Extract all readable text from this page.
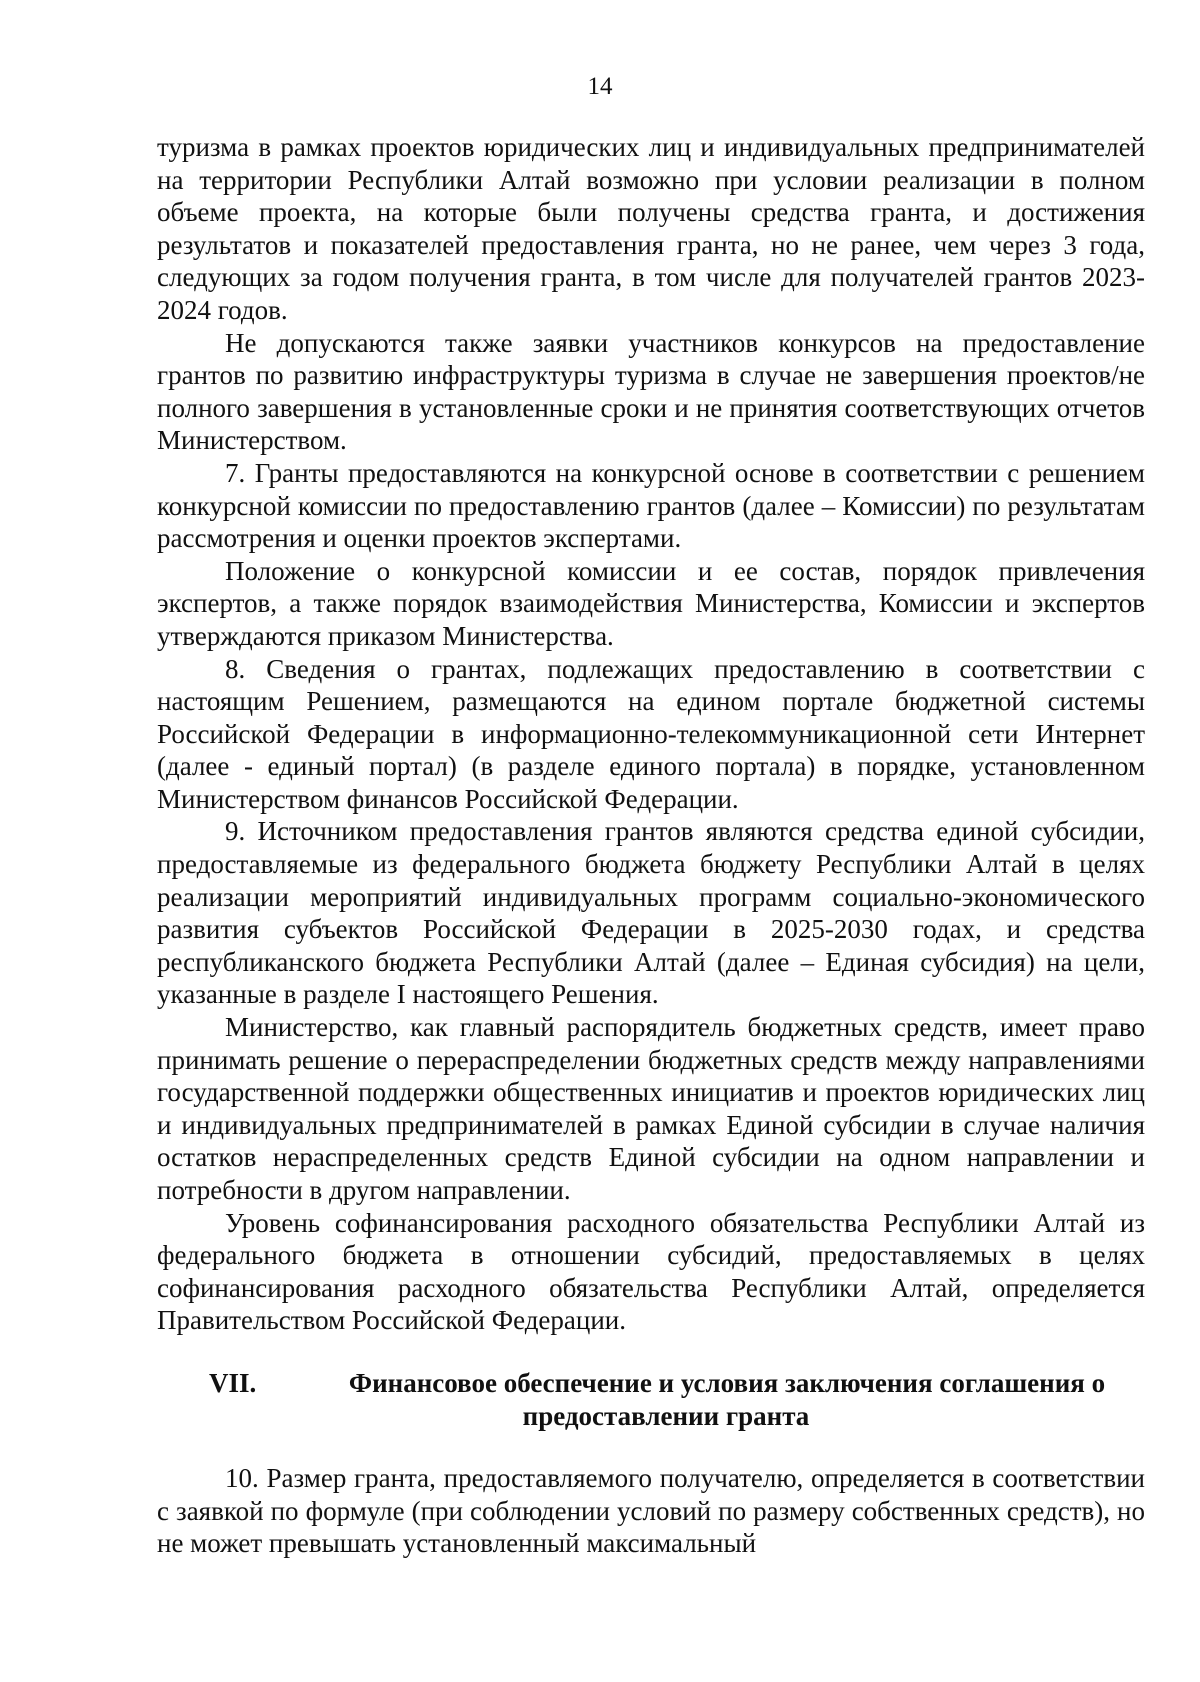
14

туризма в рамках проектов юридических лиц и индивидуальных предпринимателей на территории Республики Алтай возможно при условии реализации в полном объеме проекта, на которые были получены средства гранта, и достижения результатов и показателей предоставления гранта, но не ранее, чем через 3 года, следующих за годом получения гранта, в том числе для получателей грантов 2023-2024 годов.

Не допускаются также заявки участников конкурсов на предоставление грантов по развитию инфраструктуры туризма в случае не завершения проектов/не полного завершения в установленные сроки и не принятия соответствующих отчетов Министерством.

7. Гранты предоставляются на конкурсной основе в соответствии с решением конкурсной комиссии по предоставлению грантов (далее – Комиссии) по результатам рассмотрения и оценки проектов экспертами.

Положение о конкурсной комиссии и ее состав, порядок привлечения экспертов, а также порядок взаимодействия Министерства, Комиссии и экспертов утверждаются приказом Министерства.

8. Сведения о грантах, подлежащих предоставлению в соответствии с настоящим Решением, размещаются на едином портале бюджетной системы Российской Федерации в информационно-телекоммуникационной сети Интернет (далее - единый портал) (в разделе единого портала) в порядке, установленном Министерством финансов Российской Федерации.

9. Источником предоставления грантов являются средства единой субсидии, предоставляемые из федерального бюджета бюджету Республики Алтай в целях реализации мероприятий индивидуальных программ социально-экономического развития субъектов Российской Федерации в 2025-2030 годах, и средства республиканского бюджета Республики Алтай (далее – Единая субсидия) на цели, указанные в разделе I настоящего Решения.

Министерство, как главный распорядитель бюджетных средств, имеет право принимать решение о перераспределении бюджетных средств между направлениями государственной поддержки общественных инициатив и проектов юридических лиц и индивидуальных предпринимателей в рамках Единой субсидии в случае наличия остатков нераспределенных средств Единой субсидии на одном направлении и потребности в другом направлении.

Уровень софинансирования расходного обязательства Республики Алтай из федерального бюджета в отношении субсидий, предоставляемых в целях софинансирования расходного обязательства Республики Алтай, определяется Правительством Российской Федерации.

VII.	Финансовое обеспечение и условия заключения соглашения о
предоставлении гранта

10. Размер гранта, предоставляемого получателю, определяется в соответствии с заявкой по формуле (при соблюдении условий по размеру собственных средств), но не может превышать установленный максимальный
